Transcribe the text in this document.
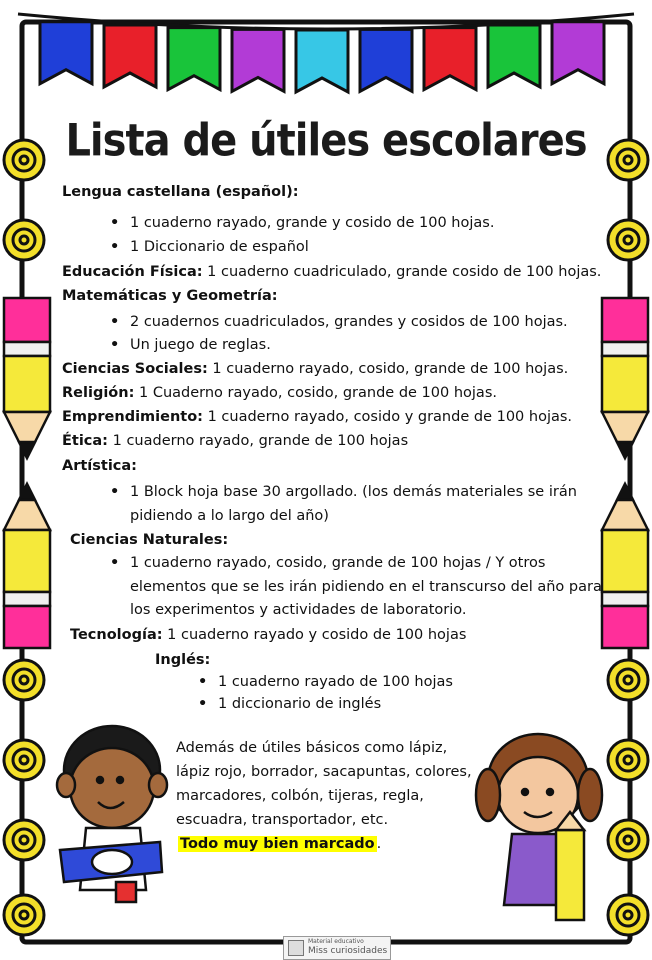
Lista de útiles escolares
Lengua castellana (español):
• 1 cuaderno rayado, grande y cosido de 100 hojas.
• 1 Diccionario de español
Educación Física: 1 cuaderno cuadriculado, grande cosido de 100 hojas.
Matemáticas y Geometría:
• 2 cuadernos cuadriculados, grandes y cosidos de 100 hojas.
• Un juego de reglas.
Ciencias Sociales: 1 cuaderno rayado, cosido, grande de 100 hojas.
Religión: 1 Cuaderno rayado, cosido, grande de 100 hojas.
Emprendimiento: 1 cuaderno rayado, cosido y grande de 100 hojas.
Ética: 1 cuaderno rayado, grande de 100 hojas
Artística:
• 1 Block hoja base 30 argollado. (los demás materiales se irán
pidiendo a lo largo del año)
Ciencias Naturales:
• 1 cuaderno rayado, cosido, grande de 100 hojas / Y otros
elementos que se les irán pidiendo en el transcurso del año para
los experimentos y actividades de laboratorio.
Tecnología: 1 cuaderno rayado y cosido de 100 hojas
Inglés:
• 1 cuaderno rayado de 100 hojas
• 1 diccionario de inglés
Además de útiles básicos como lápiz,
lápiz rojo, borrador, sacapuntas, colores,
marcadores, colbón, tijeras, regla,
escuadra, transportador, etc.
Todo muy bien marcado .
Material educativo
Miss curiosidades
